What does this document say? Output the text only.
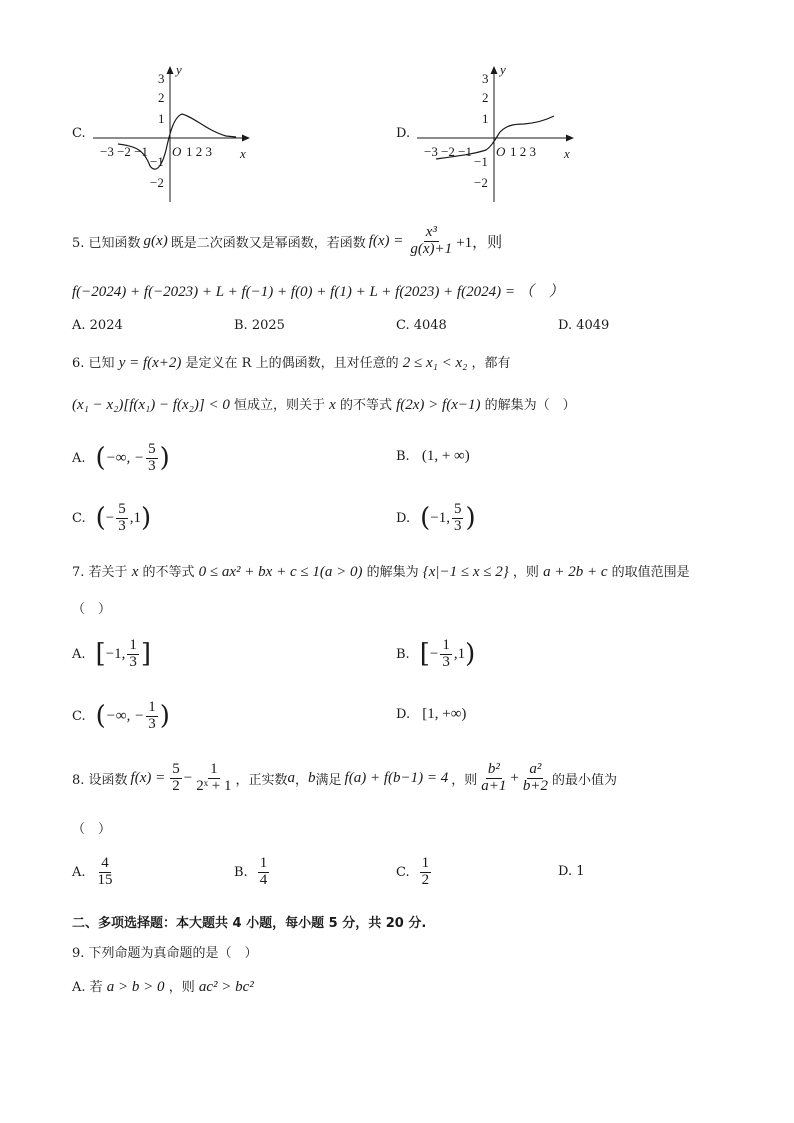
C.
y
x
3
2
1
−1
−2
−3 −2 −1 O 1 2 3
D.
y
x
3
2
1
−1
−2
−3 −2 −1 O 1 2 3
5. 已知函数 g(x) 既是二次函数又是幂函数，若函数 $f(x) = \frac{\text{x³}}{g(x)+1} +1$，则
f(−2024) + f(−2023) + L + f(−1) + f(0) + f(1) + L + f(2023) + f(2024) = （　）
A. 2024	B. 2025	C. 4048	D. 4049
6. 已知 y = f(x+2) 是定义在 R 上的偶函数，且对任意的 2 ≤ x₁ < x₂ ，都有
(x₁ − x₂)[f(x₁) − f(x₂)] < 0 恒成立，则关于 x 的不等式 f(2x) > f(x−1) 的解集为（　）
A. ( −∞, − $\frac{5}{3}$ )	B. (1, + ∞)
C. ( − $\frac{5}{3} ,1$ )	D. ( −1, $\frac{5}{3}$ )
7. 若关于 x 的不等式 0 ≤ ax² + bx + c ≤ 1(a > 0) 的解集为 {x|−1 ≤ x ≤ 2} ，则 a + 2b + c 的取值范围是
（　）
A. [ −1, $\frac{1}{3}$ ]	B. [ − $\frac{1}{3} ,1$ )
C. ( −∞, − $\frac{1}{3}$ )	D. [1, +∞)
8. 设函数 $f(x) = \frac{5}{2} - \frac{1}{\text{2ˣ + 1}}$ ，正实数 a ， b 满足 f(a) + f(b−1) = 4 ，则 $\frac{\text{b²}}{a+1} + \frac{\text{a²}}{b+2}$ 的最小值为
（　）
A. $\frac{4}{15}$	B. $\frac{1}{4}$	C. $\frac{1}{2}$	D. 1
二、多项选择题：本大题共 4 小题，每小题 5 分，共 20 分.
9. 下列命题为真命题的是（　）
A. 若 a > b > 0 ，则 ac² > bc²
